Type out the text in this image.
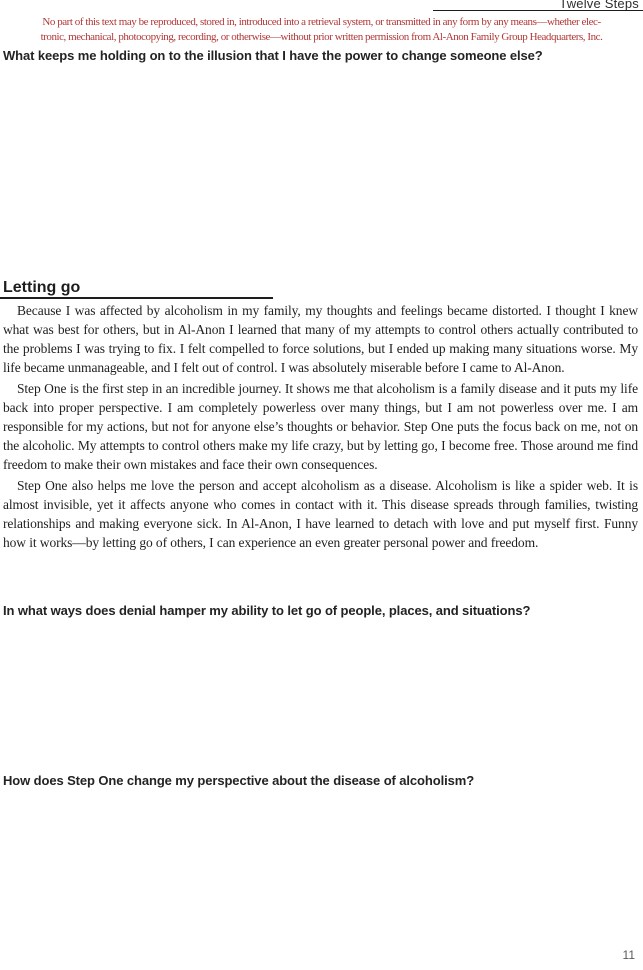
Twelve Steps
No part of this text may be reproduced, stored in, introduced into a retrieval system, or transmitted in any form by any means—whether elec-
tronic, mechanical, photocopying, recording, or otherwise—without prior written permission from Al-Anon Family Group Headquarters, Inc.
What keeps me holding on to the illusion that I have the power to change someone else?
Letting go

Because I was affected by alcoholism in my family, my thoughts and feelings became distorted. I thought I knew what was best for others, but in Al-Anon I learned that many of my attempts to control others actually contributed to the problems I was trying to fix. I felt compelled to force solutions, but I ended up making many situations worse. My life became unmanageable, and I felt out of control. I was absolutely miserable before I came to Al-Anon.

Step One is the first step in an incredible journey. It shows me that alcoholism is a family disease and it puts my life back into proper perspective. I am completely powerless over many things, but I am not powerless over me. I am responsible for my actions, but not for anyone else’s thoughts or behavior. Step One puts the focus back on me, not on the alcoholic. My attempts to control others make my life crazy, but by letting go, I become free. Those around me find freedom to make their own mistakes and face their own consequences.

Step One also helps me love the person and accept alcoholism as a disease. Alcoholism is like a spider web. It is almost invisible, yet it affects anyone who comes in contact with it. This disease spreads through families, twisting relationships and making everyone sick. In Al-Anon, I have learned to detach with love and put myself first. Funny how it works—by letting go of others, I can experience an even greater personal power and freedom.

In what ways does denial hamper my ability to let go of people, places, and situations?
How does Step One change my perspective about the disease of alcoholism?
11
